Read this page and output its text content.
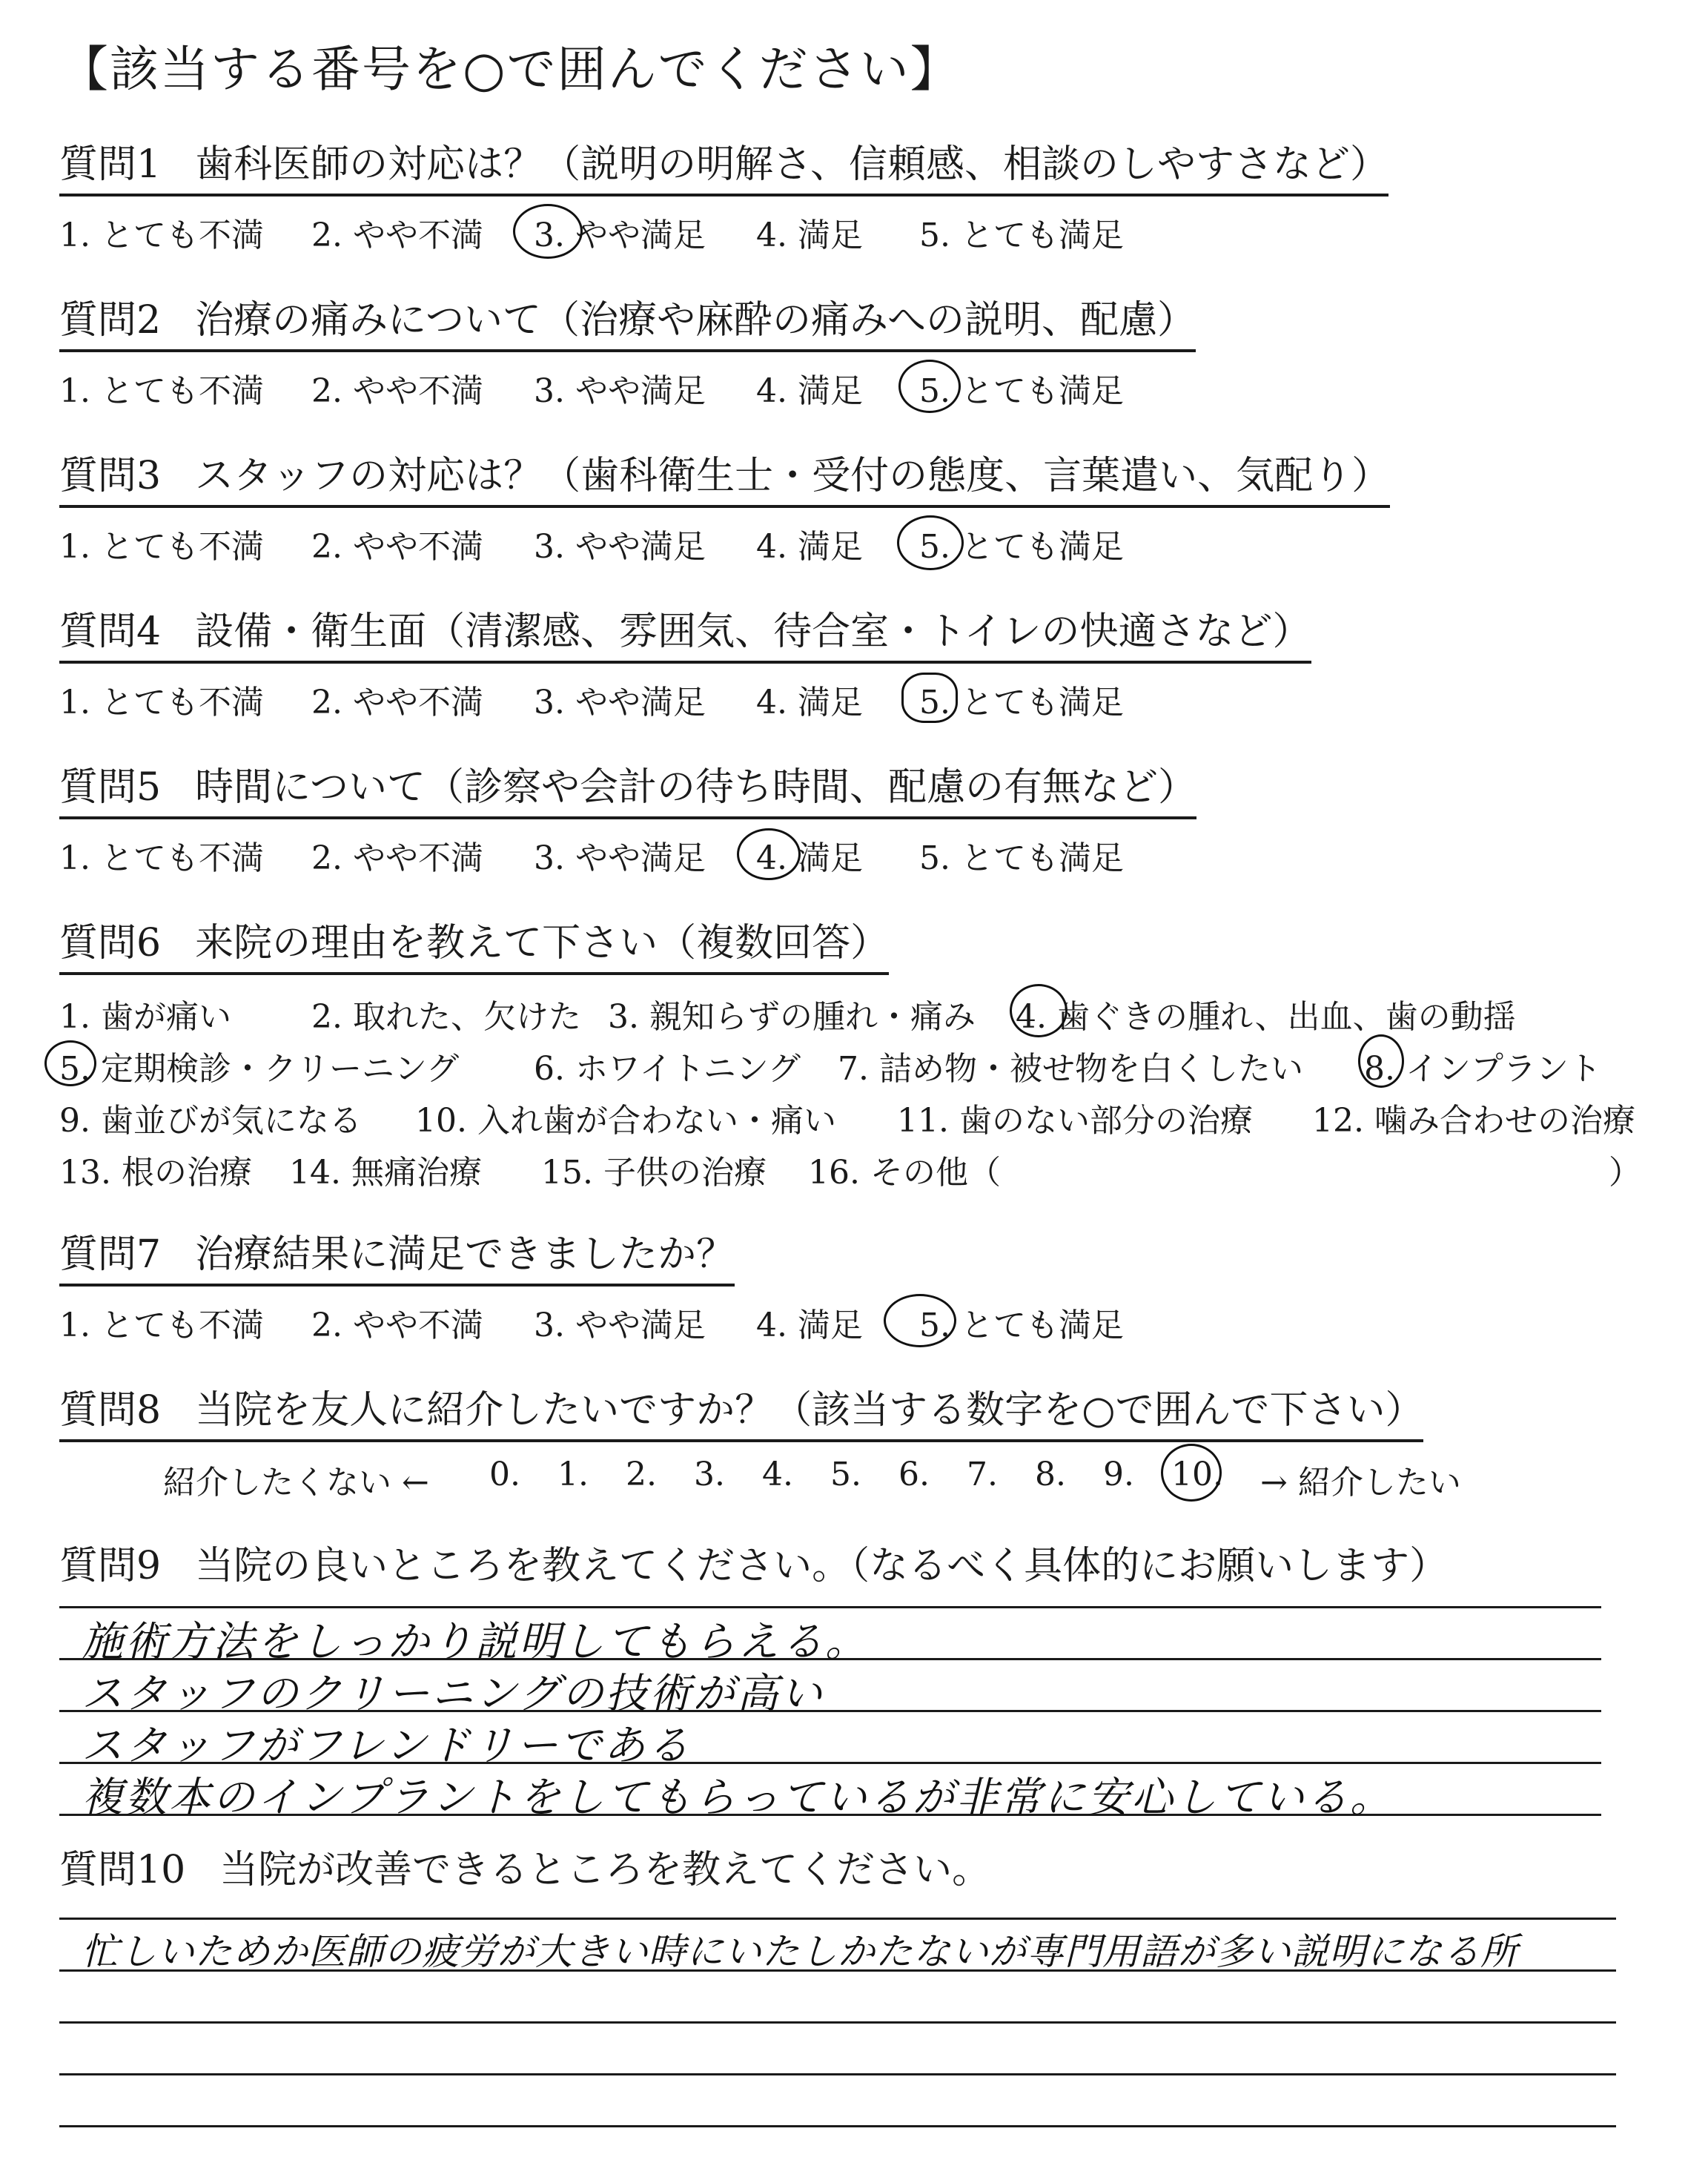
【該当する番号を○で囲んでください】
質問1 歯科医師の対応は？（説明の明解さ、信頼感、相談のしやすさなど）
1. とても不満 2. やや不満 3. やや満足 4. 満足 5. とても満足
質問2 治療の痛みについて（治療や麻酔の痛みへの説明、配慮）
1. とても不満 2. やや不満 3. やや満足 4. 満足 5. とても満足
質問3 スタッフの対応は？（歯科衛生士・受付の態度、言葉遣い、気配り）
1. とても不満 2. やや不満 3. やや満足 4. 満足 5. とても満足
質問4 設備・衛生面（清潔感、雰囲気、待合室・トイレの快適さなど）
1. とても不満 2. やや不満 3. やや満足 4. 満足 5. とても満足
質問5 時間について（診察や会計の待ち時間、配慮の有無など）
1. とても不満 2. やや不満 3. やや満足 4. 満足 5. とても満足
質問6 来院の理由を教えて下さい（複数回答）
1. 歯が痛い 2. 取れた、欠けた 3. 親知らずの腫れ・痛み 4. 歯ぐきの腫れ、出血、歯の動揺
5. 定期検診・クリーニング 6. ホワイトニング 7. 詰め物・被せ物を白くしたい 8. インプラント
9. 歯並びが気になる 10. 入れ歯が合わない・痛い 11. 歯のない部分の治療 12. 噛み合わせの治療
13. 根の治療 14. 無痛治療 15. 子供の治療 16. その他（	）
質問7 治療結果に満足できましたか？
1. とても不満 2. やや不満 3. やや満足 4. 満足 5. とても満足
質問8 当院を友人に紹介したいですか？（該当する数字を○で囲んで下さい）
紹介したくない ← 0. 1. 2. 3. 4. 5. 6. 7. 8. 9. 10. → 紹介したい
質問9 当院の良いところを教えてください。（なるべく具体的にお願いします）
施術方法をしっかり説明してもらえる。
スタッフのクリーニングの技術が高い
スタッフがフレンドリーである
複数本のインプラントをしてもらっているが非常に安心している。
質問10 当院が改善できるところを教えてください。
忙しいためか医師の疲労が大きい時にいたしかたないが専門用語が多い説明になる所
